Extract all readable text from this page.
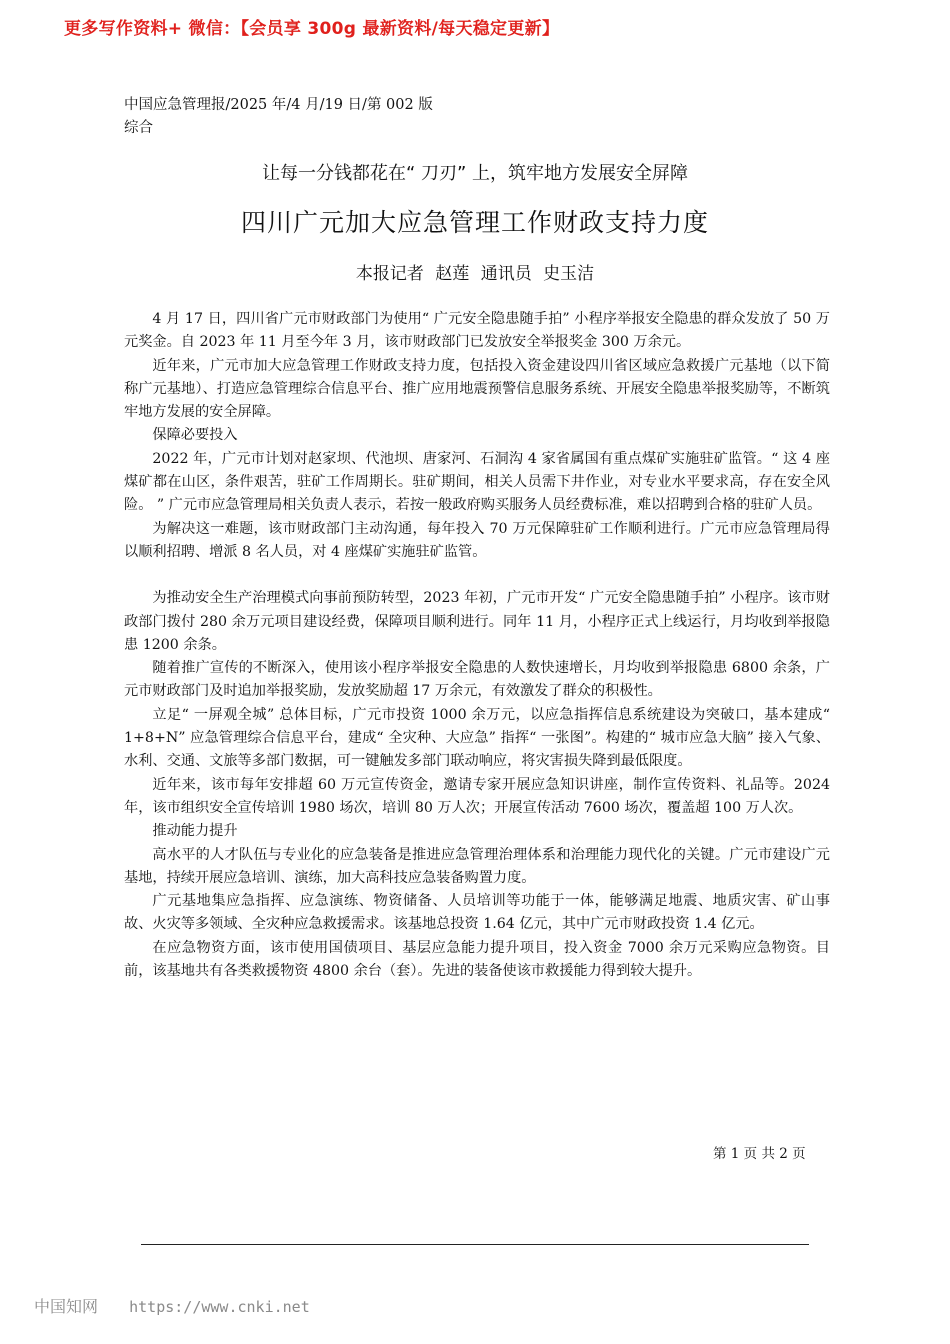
更多写作资料+ 微信：【会员享 300g 最新资料/每天稳定更新】
中国应急管理报/2025 年/4 月/19 日/第 002 版综合
让每一分钱都花在“ 刀刃” 上，筑牢地方发展安全屏障
四川广元加大应急管理工作财政支持力度
本报记者 赵莲 通讯员 史玉洁

4 月 17 日，四川省广元市财政部门为使用“ 广元安全隐患随手拍” 小程序举报安全隐患的群众发放了 50 万元奖金。自 2023 年 11 月至今年 3 月，该市财政部门已发放安全举报奖金 300 万余元。

近年来，广元市加大应急管理工作财政支持力度，包括投入资金建设四川省区域应急救援广元基地（以下简称广元基地）、打造应急管理综合信息平台、推广应用地震预警信息服务系统、开展安全隐患举报奖励等，不断筑牢地方发展的安全屏障。

保障必要投入

2022 年，广元市计划对赵家坝、代池坝、唐家河、石洞沟 4 家省属国有重点煤矿实施驻矿监管。“ 这 4 座煤矿都在山区，条件艰苦，驻矿工作周期长。驻矿期间，相关人员需下井作业，对专业水平要求高，存在安全风险。 ” 广元市应急管理局相关负责人表示，若按一般政府购买服务人员经费标准，难以招聘到合格的驻矿人员。

为解决这一难题，该市财政部门主动沟通，每年投入 70 万元保障驻矿工作顺利进行。广元市应急管理局得以顺利招聘、增派 8 名人员，对 4 座煤矿实施驻矿监管。

为推动安全生产治理模式向事前预防转型，2023 年初，广元市开发“ 广元安全隐患随手拍” 小程序。该市财政部门拨付 280 余万元项目建设经费，保障项目顺利进行。同年 11 月，小程序正式上线运行，月均收到举报隐患 1200 余条。

随着推广宣传的不断深入，使用该小程序举报安全隐患的人数快速增长，月均收到举报隐患 6800 余条，广元市财政部门及时追加举报奖励，发放奖励超 17 万余元，有效激发了群众的积极性。

立足“ 一屏观全城” 总体目标，广元市投资 1000 余万元，以应急指挥信息系统建设为突破口，基本建成“ 1+8+N” 应急管理综合信息平台，建成“ 全灾种、大应急” 指挥“ 一张图”。构建的“ 城市应急大脑” 接入气象、水利、交通、文旅等多部门数据，可一键触发多部门联动响应，将灾害损失降到最低限度。

近年来，该市每年安排超 60 万元宣传资金，邀请专家开展应急知识讲座，制作宣传资料、礼品等。2024 年，该市组织安全宣传培训 1980 场次，培训 80 万人次；开展宣传活动 7600 场次，覆盖超 100 万人次。

推动能力提升

高水平的人才队伍与专业化的应急装备是推进应急管理治理体系和治理能力现代化的关键。广元市建设广元基地，持续开展应急培训、演练，加大高科技应急装备购置力度。

广元基地集应急指挥、应急演练、物资储备、人员培训等功能于一体，能够满足地震、地质灾害、矿山事故、火灾等多领域、全灾种应急救援需求。该基地总投资 1.64 亿元，其中广元市财政投资 1.4 亿元。

在应急物资方面，该市使用国债项目、基层应急能力提升项目，投入资金 7000 余万元采购应急物资。目前，该基地共有各类救援物资 4800 余台（套）。先进的装备使该市救援能力得到较大提升。

第 1 页 共 2 页
中国知网 https://www.cnki.net
